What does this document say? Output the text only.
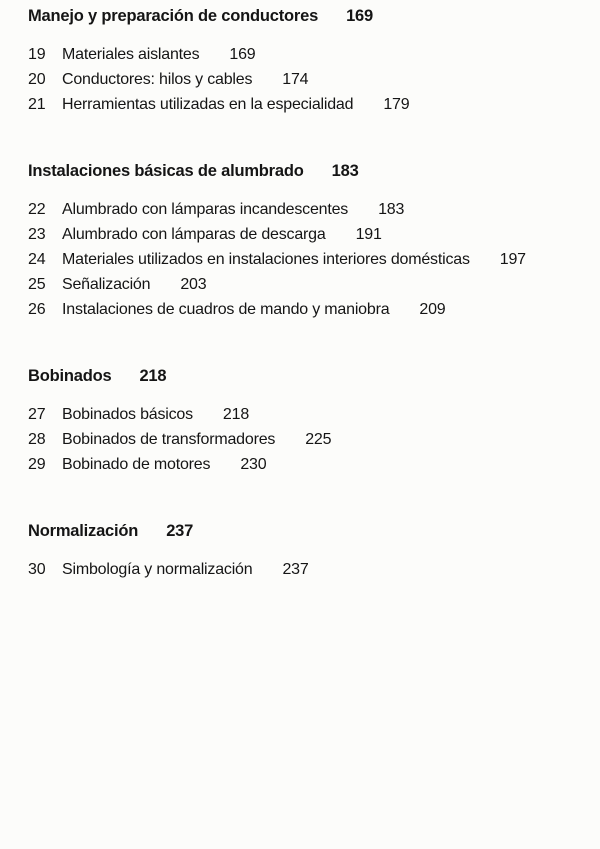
Manejo y preparación de conductores 169
19	Materiales aislantes 169
20	Conductores: hilos y cables 174
21	Herramientas utilizadas en la especialidad 179
Instalaciones básicas de alumbrado 183
22	Alumbrado con lámparas incandescentes 183
23	Alumbrado con lámparas de descarga 191
24	Materiales utilizados en instalaciones interiores domésticas 197
25	Señalización 203
26	Instalaciones de cuadros de mando y maniobra 209
Bobinados 218
27	Bobinados básicos 218
28	Bobinados de transformadores 225
29	Bobinado de motores 230
Normalización 237
30	Simbología y normalización 237
